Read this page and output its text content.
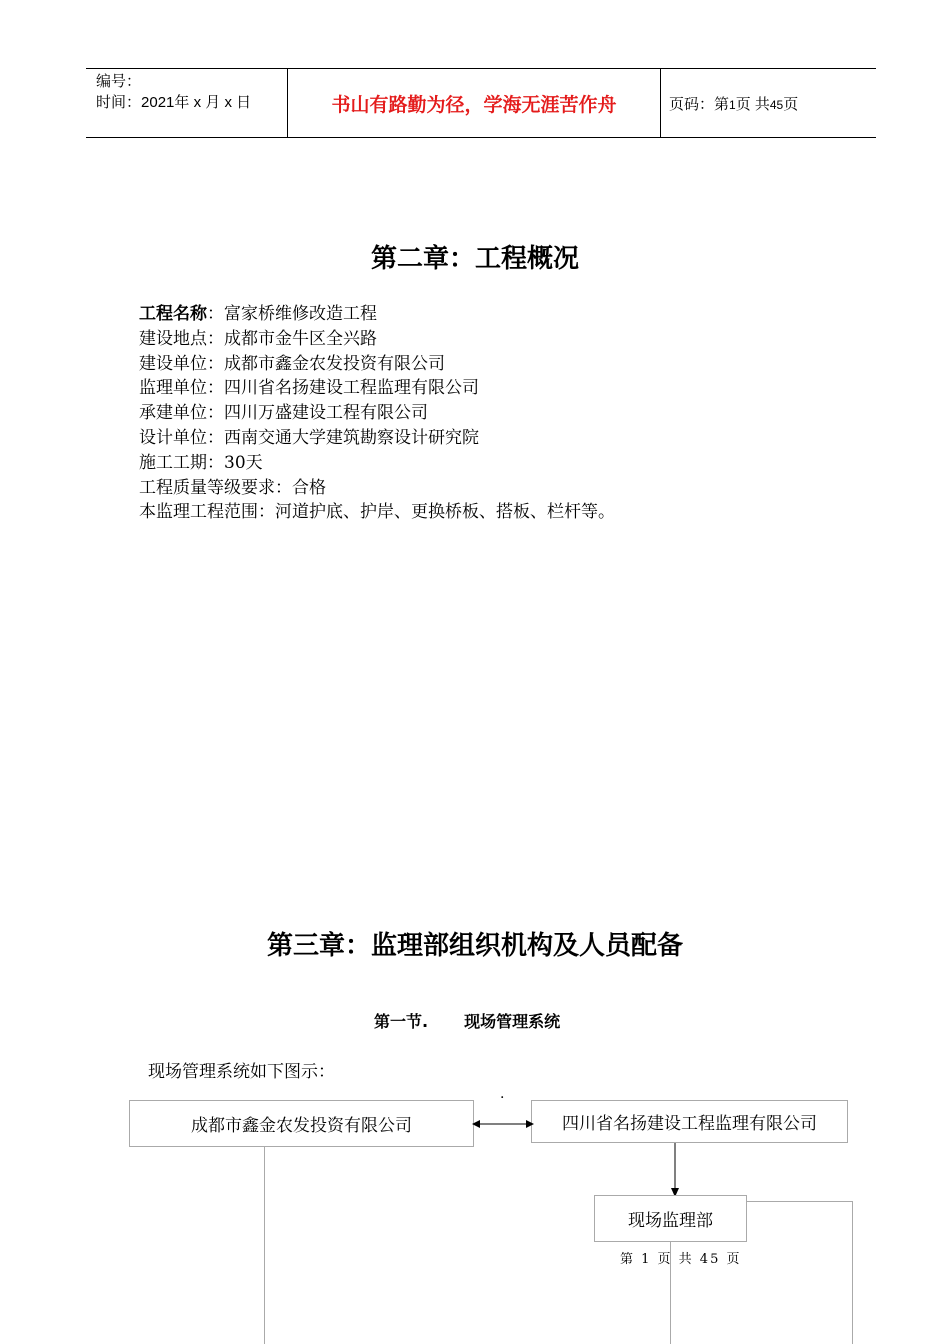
编号：
时间：2021年 x 月 x 日	书山有路勤为径，学海无涯苦作舟	页码：第1页 共45页
第二章：工程概况
工程名称：富家桥维修改造工程
建设地点：成都市金牛区全兴路
建设单位：成都市鑫金农发投资有限公司
监理单位：四川省名扬建设工程监理有限公司
承建单位：四川万盛建设工程有限公司
设计单位：西南交通大学建筑勘察设计研究院
施工工期：30天
工程质量等级要求：合格
本监理工程范围：河道护底、护岸、更换桥板、搭板、栏杆等。
第三章：监理部组织机构及人员配备
第一节. 现场管理系统
现场管理系统如下图示：
·
成都市鑫金农发投资有限公司	四川省名扬建设工程监理有限公司
现场监理部
第 1 页 共 45 页
